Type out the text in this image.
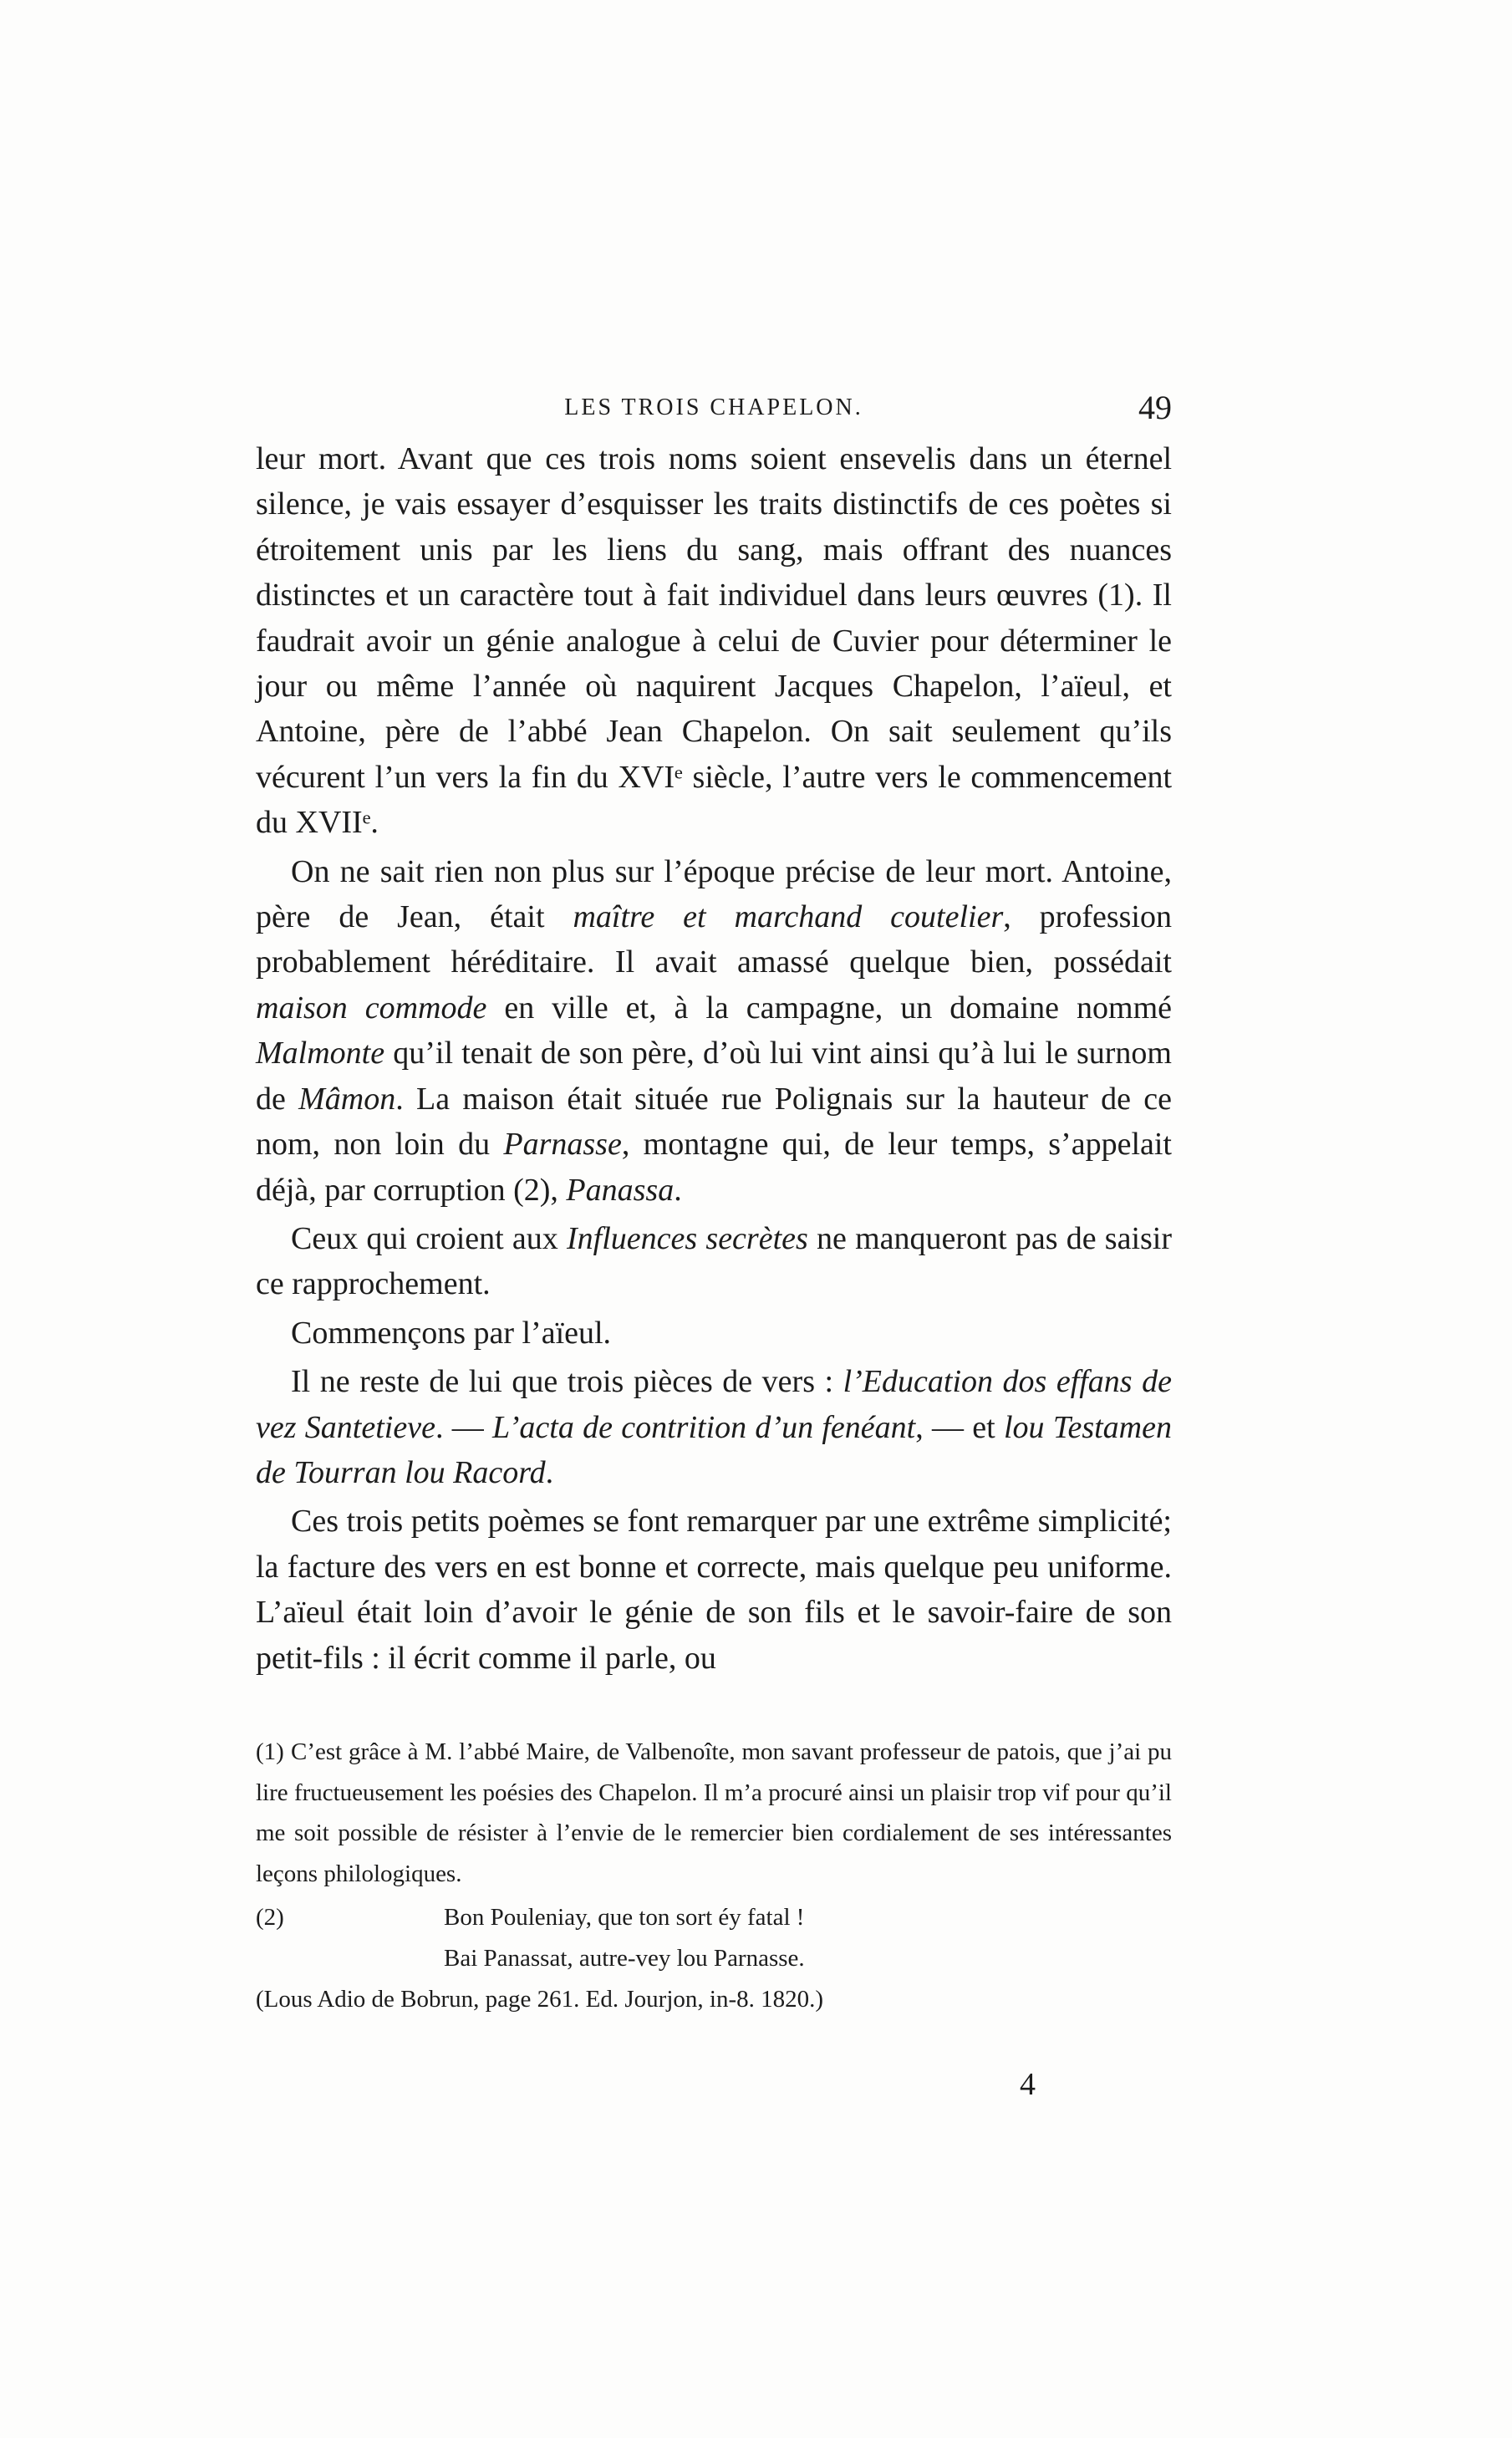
LES TROIS CHAPELON.	49

leur mort. Avant que ces trois noms soient ensevelis dans un éternel silence, je vais essayer d’esquisser les traits distinctifs de ces poètes si étroitement unis par les liens du sang, mais offrant des nuances distinctes et un caractère tout à fait individuel dans leurs œuvres (1). Il faudrait avoir un génie analogue à celui de Cuvier pour déterminer le jour ou même l’année où naquirent Jacques Chapelon, l’aïeul, et Antoine, père de l’abbé Jean Chapelon. On sait seulement qu’ils vécurent l’un vers la fin du XVIᵉ siècle, l’autre vers le commencement du XVIIᵉ.

On ne sait rien non plus sur l’époque précise de leur mort. Antoine, père de Jean, était maître et marchand coutelier, profession probablement héréditaire. Il avait amassé quelque bien, possédait maison commode en ville et, à la campagne, un domaine nommé Malmonte qu’il tenait de son père, d’où lui vint ainsi qu’à lui le surnom de Mâmon. La maison était située rue Polignais sur la hauteur de ce nom, non loin du Parnasse, montagne qui, de leur temps, s’appelait déjà, par corruption (2), Panassa.

Ceux qui croient aux Influences secrètes ne manqueront pas de saisir ce rapprochement.

Commençons par l’aïeul.

Il ne reste de lui que trois pièces de vers : l’Education dos effans de vez Santetieve. — L’acta de contrition d’un fenéant, — et lou Testamen de Tourran lou Racord.

Ces trois petits poèmes se font remarquer par une extrême simplicité; la facture des vers en est bonne et correcte, mais quelque peu uniforme. L’aïeul était loin d’avoir le génie de son fils et le savoir-faire de son petit-fils : il écrit comme il parle, ou

(1) C’est grâce à M. l’abbé Maire, de Valbenoîte, mon savant professeur de patois, que j’ai pu lire fructueusement les poésies des Chapelon. Il m’a procuré ainsi un plaisir trop vif pour qu’il me soit possible de résister à l’envie de le remercier bien cordialement de ses intéressantes leçons philologiques.

(2)	Bon Pouleniay, que ton sort éy fatal !

Bai Panassat, autre-vey lou Parnasse.

(Lous Adio de Bobrun, page 261. Ed. Jourjon, in-8. 1820.)

4
